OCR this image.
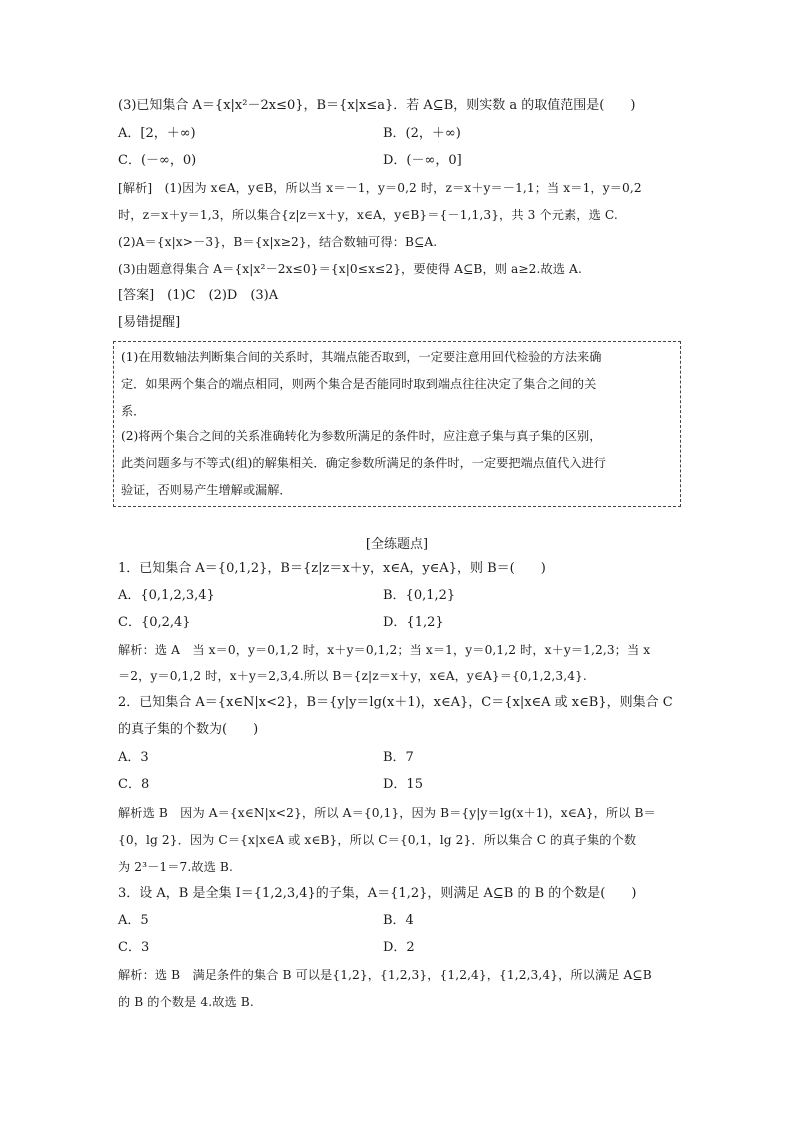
(3)已知集合 A＝{x|x²－2x≤0}，B＝{x|x≤a}．若 A⊆B，则实数 a 的取值范围是(　　)
A．[2，＋∞)	B．(2，＋∞)
C．(－∞，0)	D．(－∞，0]
[解析]　(1)因为 x∈A，y∈B，所以当 x＝－1，y＝0,2 时，z＝x＋y＝－1,1；当 x＝1，y＝0,2
时，z＝x＋y＝1,3，所以集合{z|z＝x＋y，x∈A，y∈B}＝{－1,1,3}，共 3 个元素，选 C.
(2)A＝{x|x>－3}，B＝{x|x≥2}，结合数轴可得：B⊆A.
(3)由题意得集合 A＝{x|x²－2x≤0}＝{x|0≤x≤2}，要使得 A⊆B，则 a≥2.故选 A.
[答案]　(1)C　(2)D　(3)A
[易错提醒]
(1)在用数轴法判断集合间的关系时，其端点能否取到，一定要注意用回代检验的方法来确
定．如果两个集合的端点相同，则两个集合是否能同时取到端点往往决定了集合之间的关
系．
(2)将两个集合之间的关系准确转化为参数所满足的条件时，应注意子集与真子集的区别，
此类问题多与不等式(组)的解集相关．确定参数所满足的条件时，一定要把端点值代入进行
验证，否则易产生增解或漏解．
[全练题点]
1．已知集合 A＝{0,1,2}，B＝{z|z＝x＋y，x∈A，y∈A}，则 B＝(　　)
A．{0,1,2,3,4}	B．{0,1,2}
C．{0,2,4}	D．{1,2}
解析：选 A　当 x＝0，y＝0,1,2 时，x＋y＝0,1,2；当 x＝1，y＝0,1,2 时，x＋y＝1,2,3；当 x
＝2，y＝0,1,2 时，x＋y＝2,3,4.所以 B＝{z|z＝x＋y，x∈A，y∈A}＝{0,1,2,3,4}.
2．已知集合 A＝{x∈N|x<2}，B＝{y|y＝lg(x＋1)，x∈A}，C＝{x|x∈A 或 x∈B}，则集合 C
的真子集的个数为(　　)
A．3	B．7
C．8	D．15
解析选 B　因为 A＝{x∈N|x<2}，所以 A＝{0,1}，因为 B＝{y|y＝lg(x＋1)，x∈A}，所以 B＝
{0，lg 2}．因为 C＝{x|x∈A 或 x∈B}，所以 C＝{0,1，lg 2}．所以集合 C 的真子集的个数
为 2³－1＝7.故选 B.
3．设 A，B 是全集 I＝{1,2,3,4}的子集，A＝{1,2}，则满足 A⊆B 的 B 的个数是(　　)
A．5	B．4
C．3	D．2
解析：选 B　满足条件的集合 B 可以是{1,2}，{1,2,3}，{1,2,4}，{1,2,3,4}，所以满足 A⊆B
的 B 的个数是 4.故选 B.
